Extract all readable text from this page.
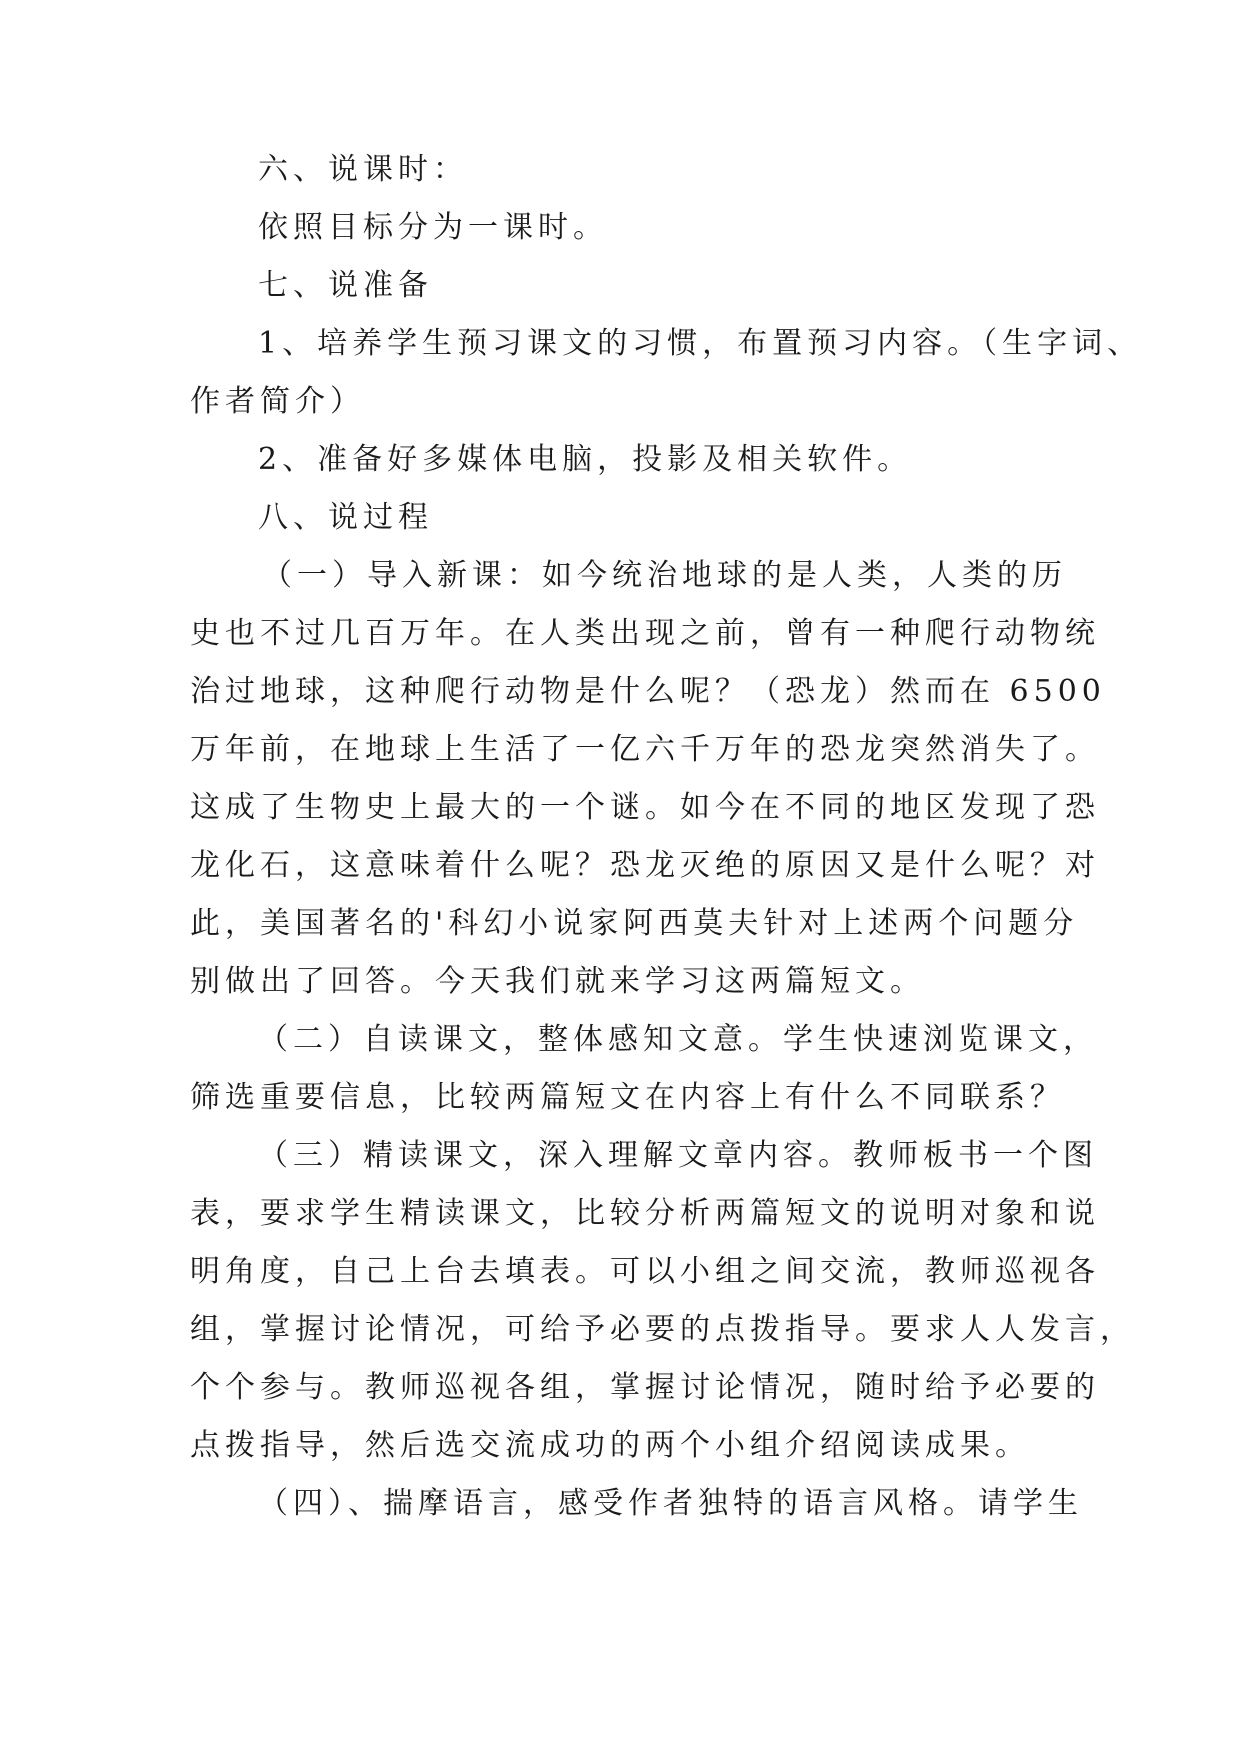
六、说课时：
依照目标分为一课时。
七、说准备
1、培养学生预习课文的习惯，布置预习内容。（生字词、
作者简介）
2、准备好多媒体电脑，投影及相关软件。
八、说过程
（一）导入新课：如今统治地球的是人类，人类的历
史也不过几百万年。在人类出现之前，曾有一种爬行动物统
治过地球，这种爬行动物是什么呢？（恐龙）然而在 6500
万年前，在地球上生活了一亿六千万年的恐龙突然消失了。
这成了生物史上最大的一个谜。如今在不同的地区发现了恐
龙化石，这意味着什么呢？恐龙灭绝的原因又是什么呢？对
此，美国著名的'科幻小说家阿西莫夫针对上述两个问题分
别做出了回答。今天我们就来学习这两篇短文。
（二）自读课文，整体感知文意。学生快速浏览课文，
筛选重要信息，比较两篇短文在内容上有什么不同联系？
（三）精读课文，深入理解文章内容。教师板书一个图
表，要求学生精读课文，比较分析两篇短文的说明对象和说
明角度，自己上台去填表。可以小组之间交流，教师巡视各
组，掌握讨论情况，可给予必要的点拨指导。要求人人发言，
个个参与。教师巡视各组，掌握讨论情况，随时给予必要的
点拨指导，然后选交流成功的两个小组介绍阅读成果。
（四）、揣摩语言，感受作者独特的语言风格。请学生
